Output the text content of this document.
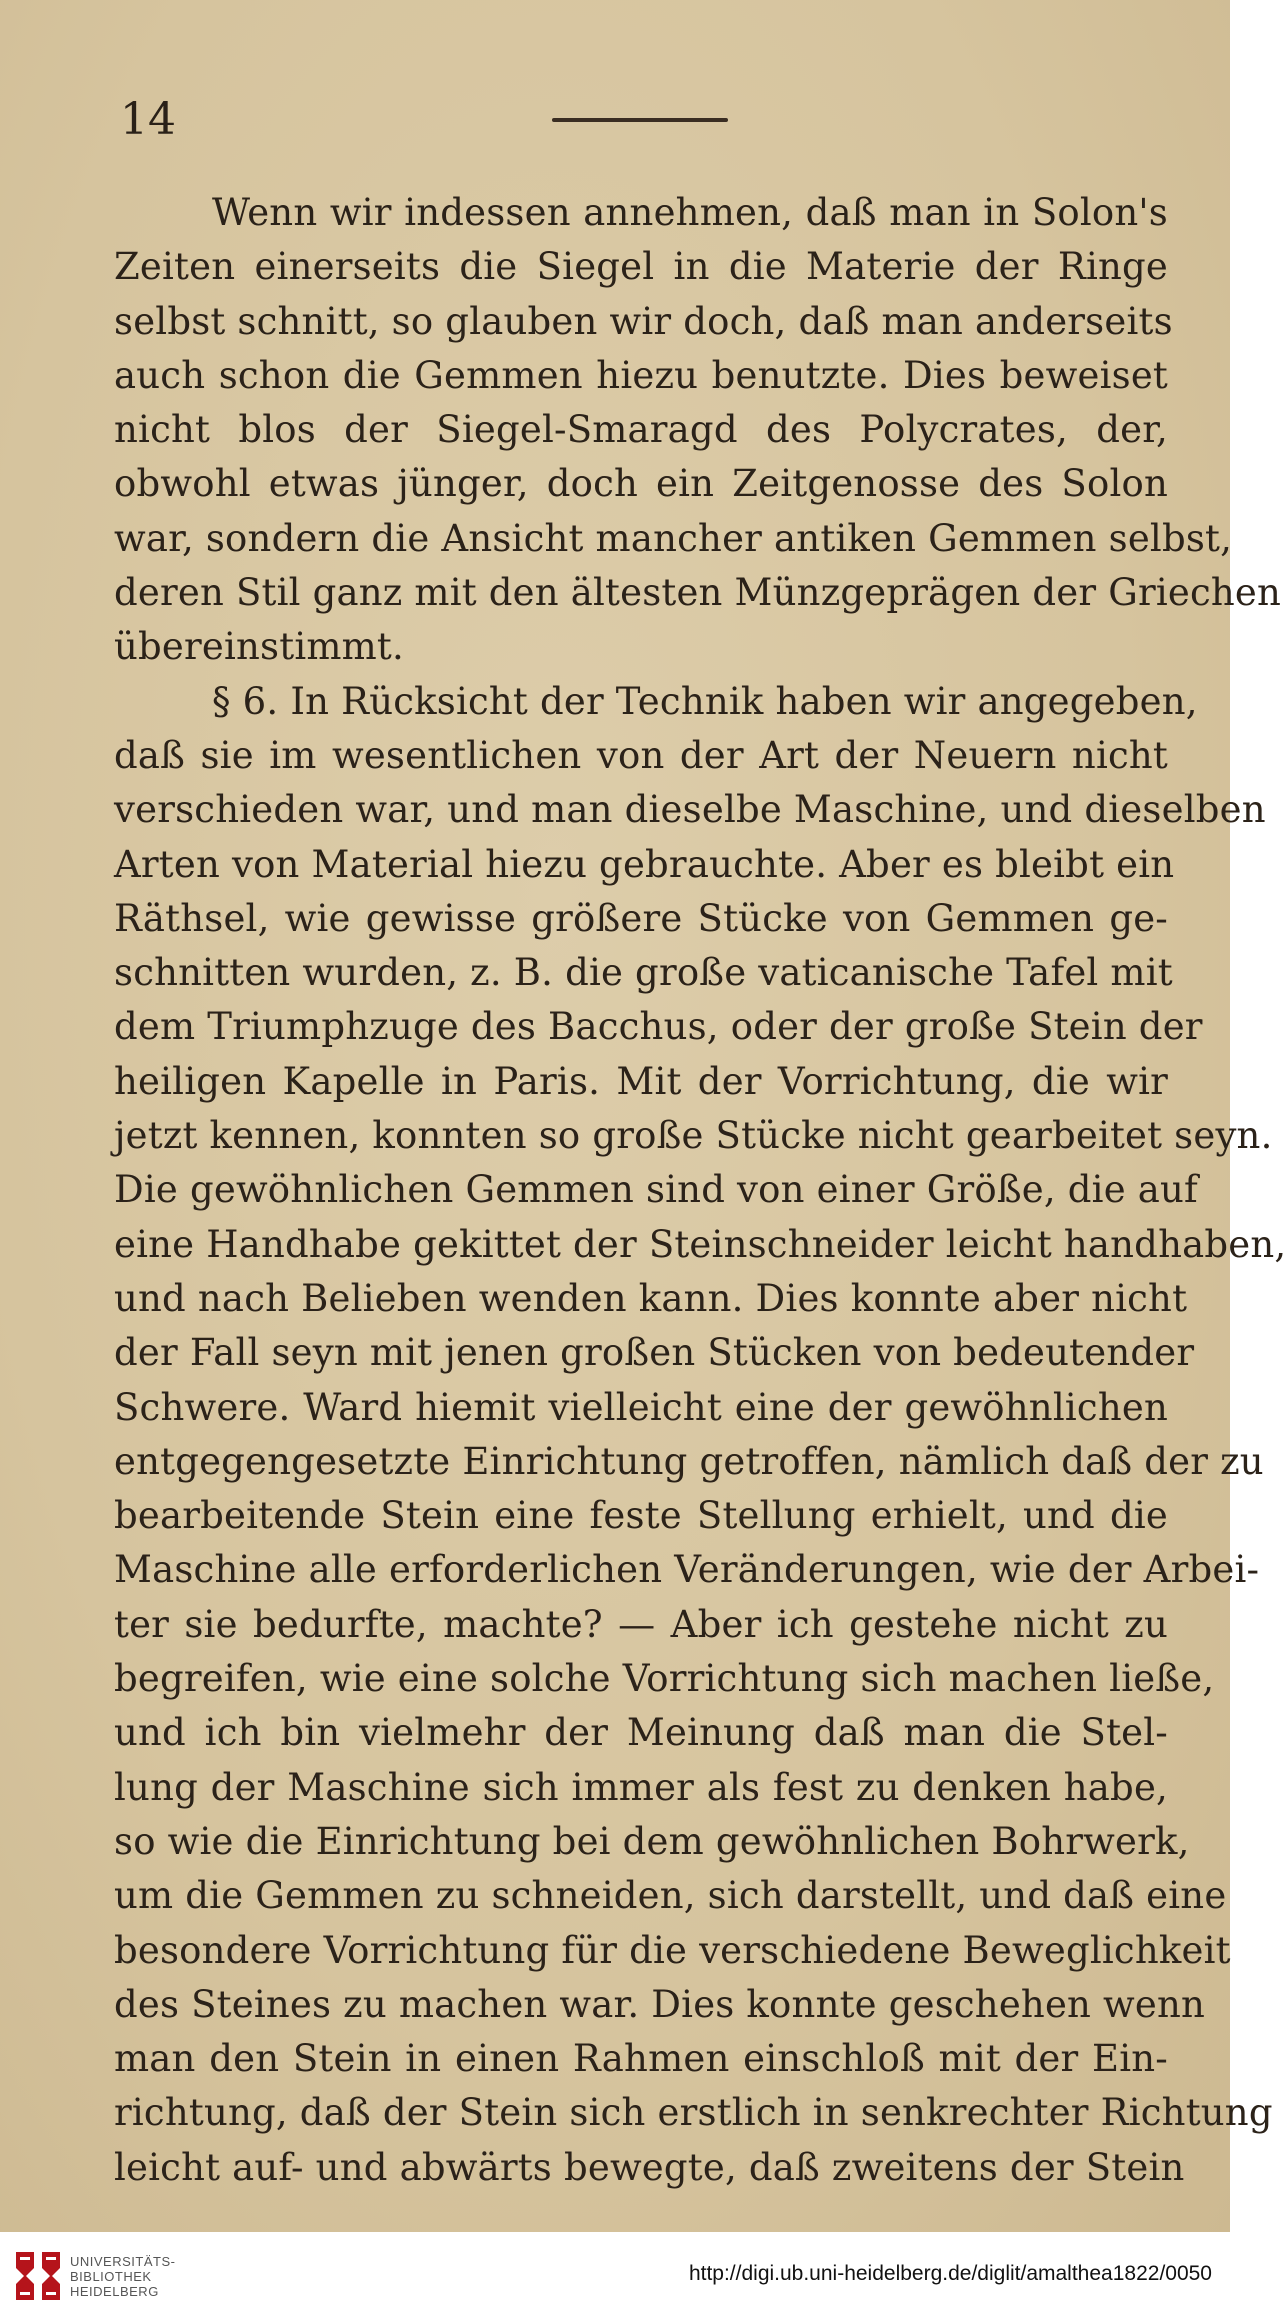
14
Wenn wir indessen annehmen, daß man in Solon's
Zeiten einerseits die Siegel in die Materie der Ringe
selbst schnitt, so glauben wir doch, daß man anderseits
auch schon die Gemmen hiezu benutzte. Dies beweiset
nicht blos der Siegel-Smaragd des Polycrates, der,
obwohl etwas jünger, doch ein Zeitgenosse des Solon
war, sondern die Ansicht mancher antiken Gemmen selbst,
deren Stil ganz mit den ältesten Münzgeprägen der Griechen
übereinstimmt.
§ 6. In Rücksicht der Technik haben wir angegeben,
daß sie im wesentlichen von der Art der Neuern nicht
verschieden war, und man dieselbe Maschine, und dieselben
Arten von Material hiezu gebrauchte. Aber es bleibt ein
Räthsel, wie gewisse größere Stücke von Gemmen ge-
schnitten wurden, z. B. die große vaticanische Tafel mit
dem Triumphzuge des Bacchus, oder der große Stein der
heiligen Kapelle in Paris. Mit der Vorrichtung, die wir
jetzt kennen, konnten so große Stücke nicht gearbeitet seyn.
Die gewöhnlichen Gemmen sind von einer Größe, die auf
eine Handhabe gekittet der Steinschneider leicht handhaben,
und nach Belieben wenden kann. Dies konnte aber nicht
der Fall seyn mit jenen großen Stücken von bedeutender
Schwere. Ward hiemit vielleicht eine der gewöhnlichen
entgegengesetzte Einrichtung getroffen, nämlich daß der zu
bearbeitende Stein eine feste Stellung erhielt, und die
Maschine alle erforderlichen Veränderungen, wie der Arbei-
ter sie bedurfte, machte? — Aber ich gestehe nicht zu
begreifen, wie eine solche Vorrichtung sich machen ließe,
und ich bin vielmehr der Meinung daß man die Stel-
lung der Maschine sich immer als fest zu denken habe,
so wie die Einrichtung bei dem gewöhnlichen Bohrwerk,
um die Gemmen zu schneiden, sich darstellt, und daß eine
besondere Vorrichtung für die verschiedene Beweglichkeit
des Steines zu machen war. Dies konnte geschehen wenn
man den Stein in einen Rahmen einschloß mit der Ein-
richtung, daß der Stein sich erstlich in senkrechter Richtung
leicht auf- und abwärts bewegte, daß zweitens der Stein
UNIVERSITÄTS-
BIBLIOTHEK
HEIDELBERG
http://digi.ub.uni-heidelberg.de/diglit/amalthea1822/0050
